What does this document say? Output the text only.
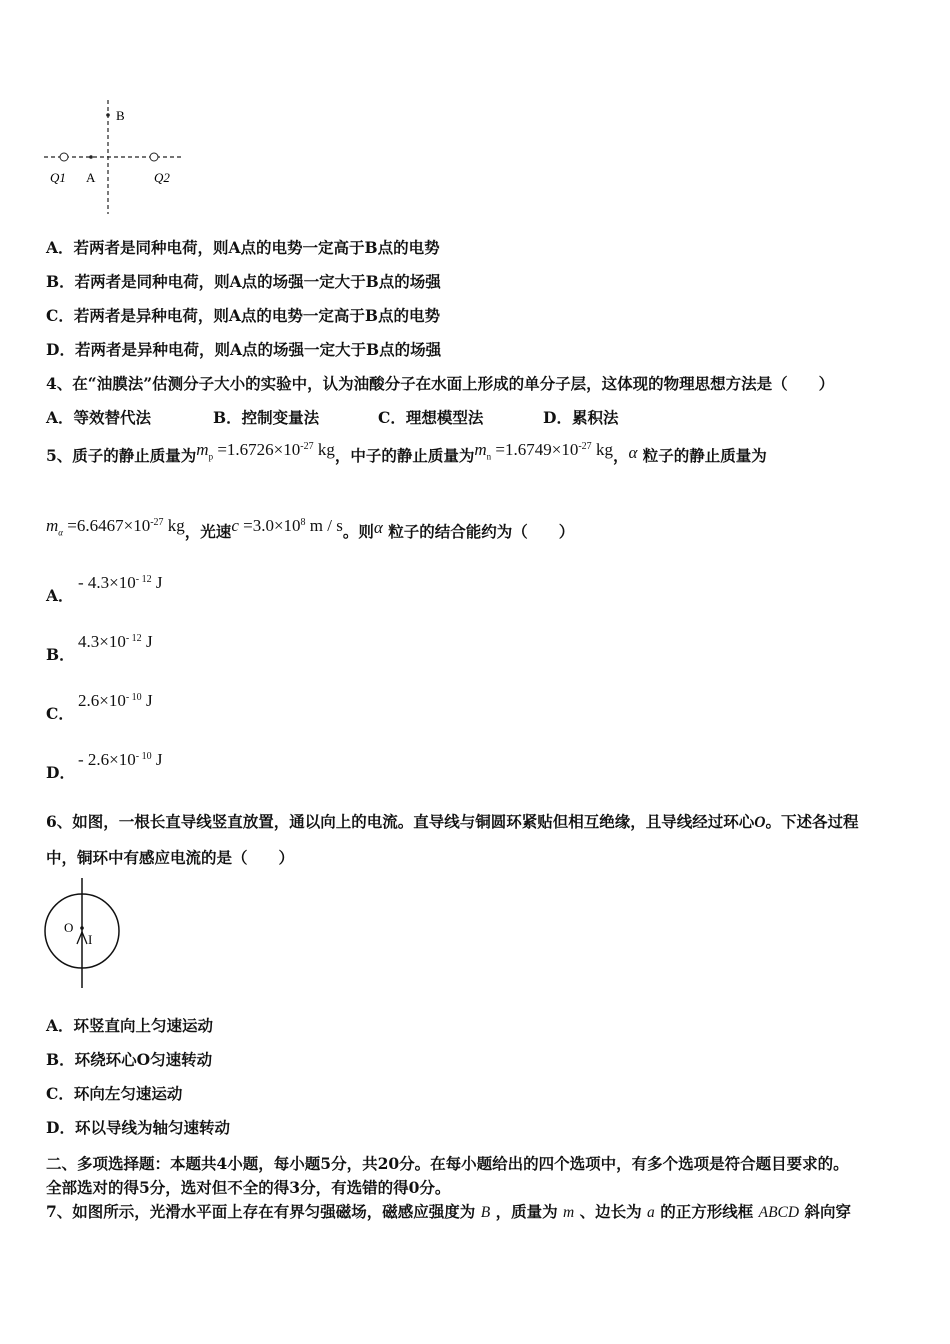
B
A
Q1	Q2
A．若两者是同种电荷，则A点的电势一定高于B点的电势
B．若两者是同种电荷，则A点的场强一定大于B点的场强
C．若两者是异种电荷，则A点的电势一定高于B点的电势
D．若两者是异种电荷，则A点的场强一定大于B点的场强
4、在“油膜法”估测分子大小的实验中，认为油酸分子在水面上形成的单分子层，这体现的物理思想方法是（　　）
A．等效替代法	B．控制变量法	C．理想模型法	D．累积法
5、质子的静止质量为$m_p =1.6726\times 10^{-27}$ kg，中子的静止质量为$m_n =1.6749\times 10^{-27}$ kg，α 粒子的静止质量为
$m_\alpha =6.6467\times 10^{-27}$ kg，光速$c =3.0\times 10^8$ m / s。则α 粒子的结合能约为（　　）
A．
- $4.3\times 10^{- 12}$ J
B．
$4.3\times 10^{- 12}$ J
C．
$2.6\times 10^{- 10}$ J
D．
- $2.6\times 10^{- 10}$ J
6、如图，一根长直导线竖直放置，通以向上的电流。直导线与铜圆环紧贴但相互绝缘，且导线经过环心O。下述各过程
中，铜环中有感应电流的是（　　）
O
I
A．环竖直向上匀速运动
B．环绕环心O匀速转动
C．环向左匀速运动
D．环以导线为轴匀速转动
二、多项选择题：本题共4小题，每小题5分，共20分。在每小题给出的四个选项中，有多个选项是符合题目要求的。
全部选对的得5分，选对但不全的得3分，有选错的得0分。
7、如图所示，光滑水平面上存在有界匀强磁场，磁感应强度为 B ，质量为 m 、边长为 a 的正方形线框 ABCD 斜向穿
